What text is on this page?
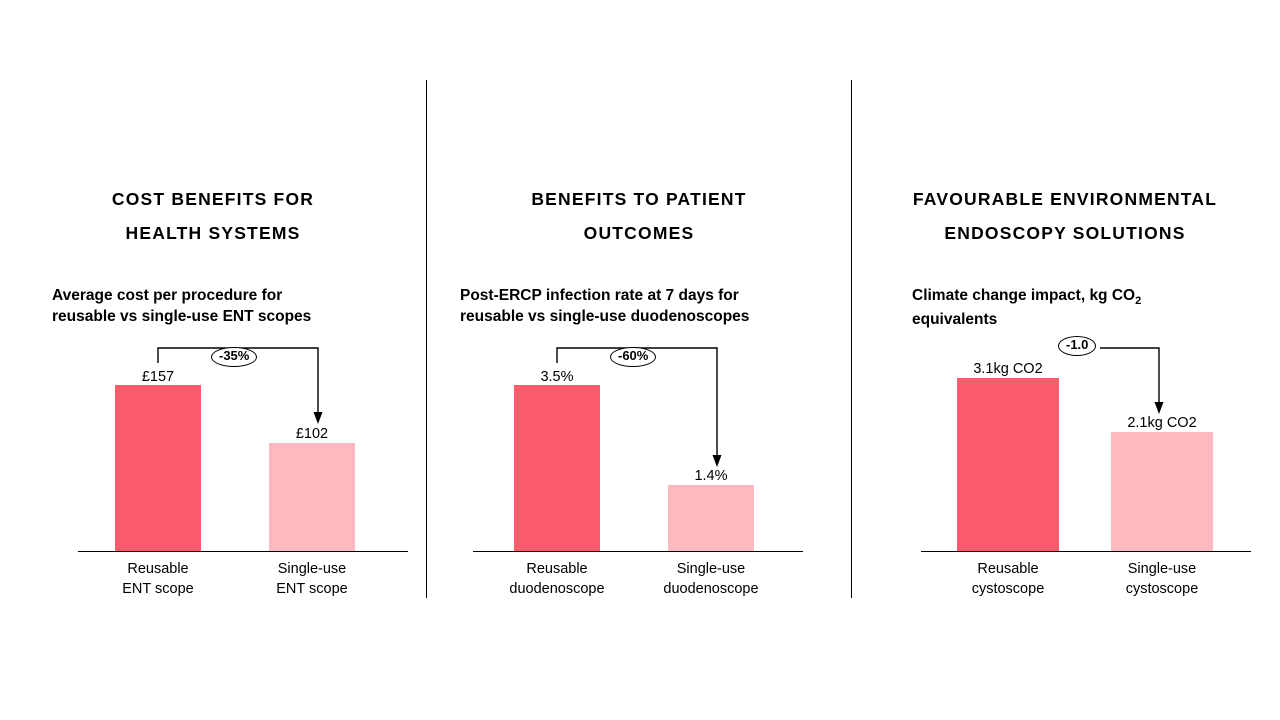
COST BENEFITS FOR
HEALTH SYSTEMS
Average cost per procedure for
reusable vs single-use ENT scopes
£157
£102
-35%
Reusable
ENT scope
Single-use
ENT scope
BENEFITS TO PATIENT
OUTCOMES
Post-ERCP infection rate at 7 days for
reusable vs single-use duodenoscopes
3.5%
1.4%
-60%
Reusable
duodenoscope
Single-use
duodenoscope
FAVOURABLE ENVIRONMENTAL
ENDOSCOPY SOLUTIONS
Climate change impact, kg $CO_2$
equivalents
3.1kg CO2
2.1kg CO2
-1.0
Reusable
cystoscope
Single-use
cystoscope
